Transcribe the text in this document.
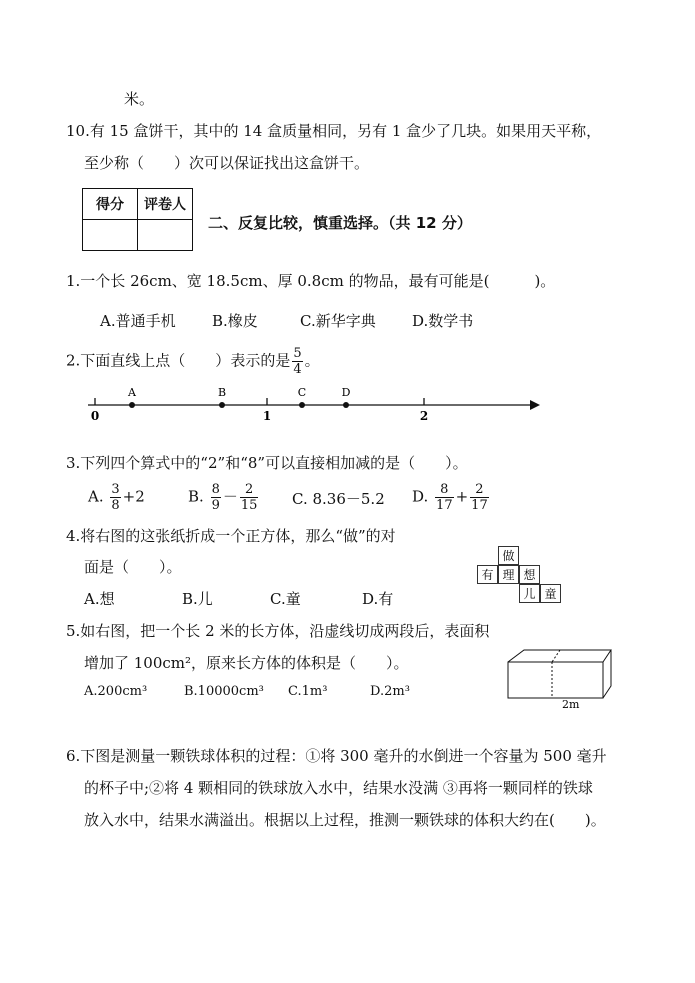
米。
10.有 15 盒饼干，其中的 14 盒质量相同，另有 1 盒少了几块。如果用天平称，
至少称（　　）次可以保证找出这盒饼干。
得分	评卷人

二、反复比较，慎重选择。（共 12 分）
1.一个长 26cm、宽 18.5cm、厚 0.8cm 的物品，最有可能是(　　　)。
A.普通手机 B.橡皮	C.新华字典 D.数学书
2.下面直线上点（　　）表示的是 $\frac{5}{4}$ 。
A	B	C	D
0	1	2
3.下列四个算式中的“2”和“8”可以直接相加减的是（　　）。
A. $\frac{3}{8} +2$	B. $\frac{8}{9} - \frac{2}{15} C$. 8.36－5.2 D. $\frac{8}{17} + \frac{2}{17}$
4.将右图的这张纸折成一个正方体，那么“做”的对
面是（　　）。
A.想	B.儿	C.童	D.有
做
有 理 想
儿 童
5.如右图，把一个长 2 米的长方体，沿虚线切成两段后，表面积
增加了 100cm²，原来长方体的体积是（　　）。
A.200cm³	B.10000cm³ C.1m³	D.2m³
2m
6.下图是测量一颗铁球体积的过程：①将 300 毫升的水倒进一个容量为 500 毫升
的杯子中;②将 4 颗相同的铁球放入水中，结果水没满 ③再将一颗同样的铁球
放入水中，结果水满溢出。根据以上过程，推测一颗铁球的体积大约在(　　)。
